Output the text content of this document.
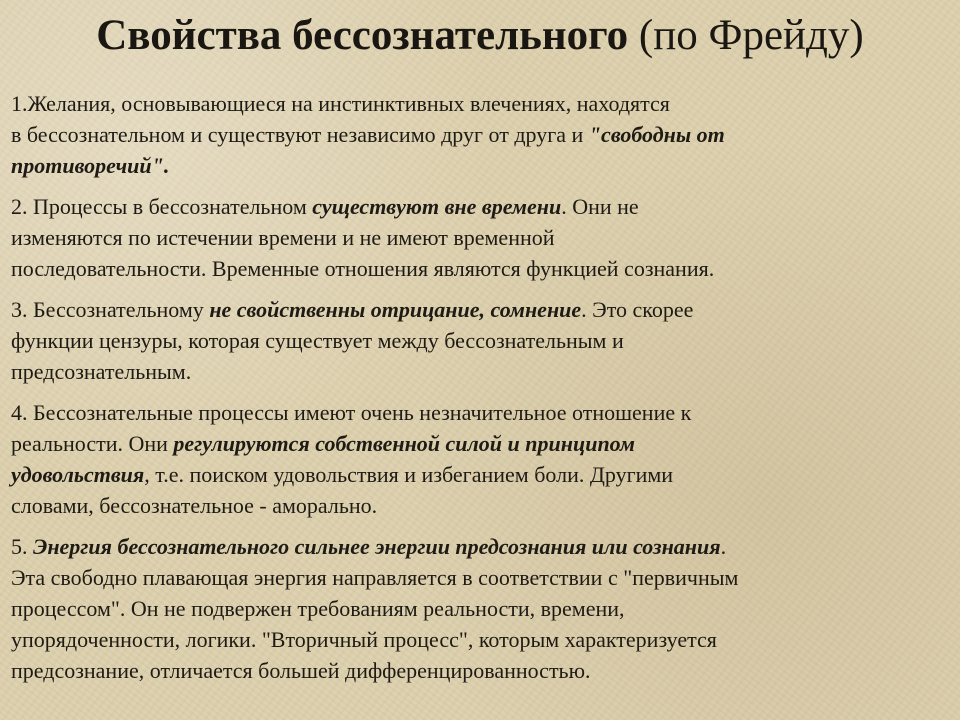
Свойства бессознательного (по Фрейду)

1.Желания, основывающиеся на инстинктивных влечениях, находятся

в бессознательном и существуют независимо друг от друга и "свободны от

противоречий".

2. Процессы в бессознательном существуют вне времени. Они не

изменяются по истечении времени и не имеют временной

последовательности. Временные отношения являются функцией сознания.

3. Бессознательному не свойственны отрицание, сомнение. Это скорее

функции цензуры, которая существует между бессознательным и

предсознательным.

4. Бессознательные процессы имеют очень незначительное отношение к

реальности. Они регулируются собственной силой и принципом

удовольствия, т.е. поиском удовольствия и избеганием боли. Другими

словами, бессознательное - аморально.

5. Энергия бессознательного сильнее энергии предсознания или сознания.

Эта свободно плавающая энергия направляется в соответствии с "первичным

процессом". Он не подвержен требованиям реальности, времени,

упорядоченности, логики. "Вторичный процесс", которым характеризуется

предсознание, отличается большей дифференцированностью.
